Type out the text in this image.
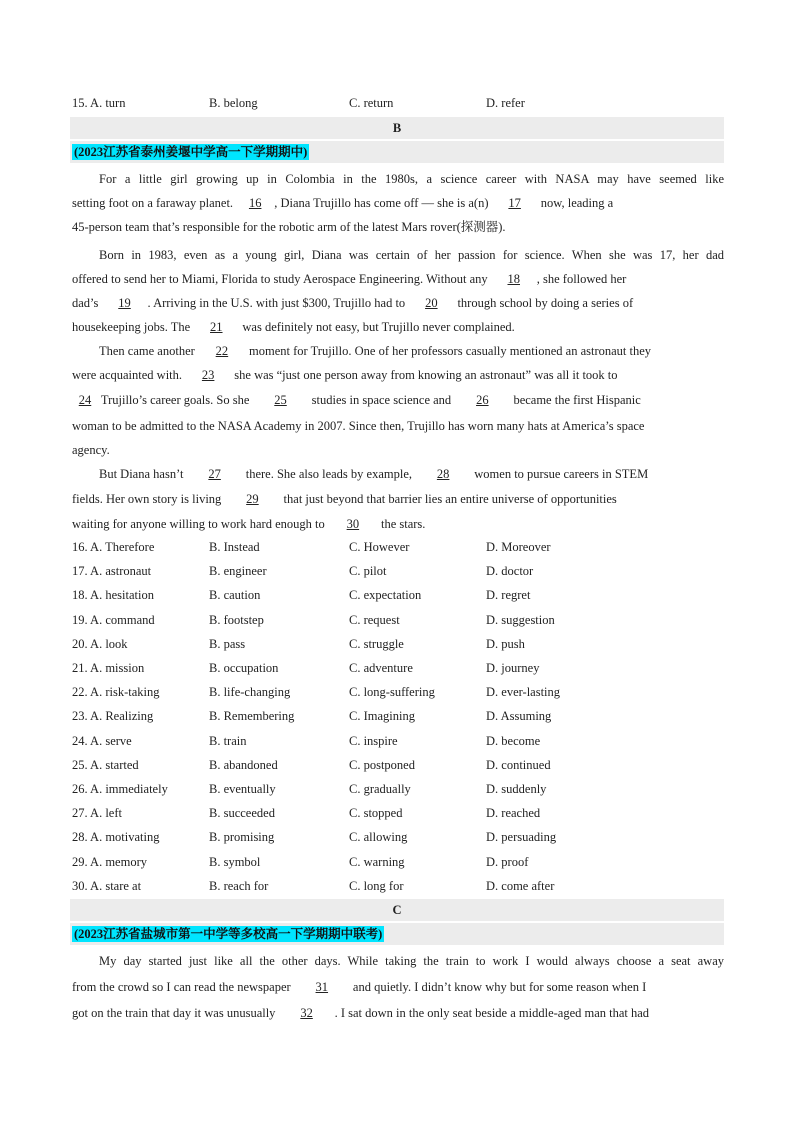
15. A. turn	B. belong	C. return	D. refer
B
(2023江苏省泰州姜堰中学高一下学期期中)
For a little girl growing up in Colombia in the 1980s, a science career with NASA may have seemed like
setting foot on a faraway planet. 16 , Diana Trujillo has come off — she is a(n) 17 now, leading a
45-person team that’s responsible for the robotic arm of the latest Mars rover(探测器).
Born in 1983, even as a young girl, Diana was certain of her passion for science. When she was 17, her dad
offered to send her to Miami, Florida to study Aerospace Engineering. Without any 18 , she followed her
dad’s 19 . Arriving in the U.S. with just $300, Trujillo had to 20 through school by doing a series of
housekeeping jobs. The 21 was definitely not easy, but Trujillo never complained.
Then came another 22 moment for Trujillo. One of her professors casually mentioned an astronaut they
were acquainted with. 23 she was “just one person away from knowing an astronaut” was all it took to
24 Trujillo’s career goals. So she 25 studies in space science and 26 became the first Hispanic
woman to be admitted to the NASA Academy in 2007. Since then, Trujillo has worn many hats at America’s space
agency.
But Diana hasn’t 27 there. She also leads by example, 28 women to pursue careers in STEM
fields. Her own story is living 29 that just beyond that barrier lies an entire universe of opportunities
waiting for anyone willing to work hard enough to 30 the stars.
16. A. Therefore	B. Instead	C. However	D. Moreover
17. A. astronaut	B. engineer	C. pilot	D. doctor
18. A. hesitation	B. caution	C. expectation	D. regret
19. A. command	B. footstep	C. request	D. suggestion
20. A. look	B. pass	C. struggle	D. push
21. A. mission	B. occupation	C. adventure	D. journey
22. A. risk-taking	B. life-changing	C. long-suffering	D. ever-lasting
23. A. Realizing	B. Remembering	C. Imagining	D. Assuming
24. A. serve	B. train	C. inspire	D. become
25. A. started	B. abandoned	C. postponed	D. continued
26. A. immediately	B. eventually	C. gradually	D. suddenly
27. A. left	B. succeeded	C. stopped	D. reached
28. A. motivating	B. promising	C. allowing	D. persuading
29. A. memory	B. symbol	C. warning	D. proof
30. A. stare at	B. reach for	C. long for	D. come after
C
(2023江苏省盐城市第一中学等多校高一下学期期中联考)
My day started just like all the other days. While taking the train to work I would always choose a seat away
from the crowd so I can read the newspaper 31 and quietly. I didn’t know why but for some reason when I
got on the train that day it was unusually 32 . I sat down in the only seat beside a middle-aged man that had
